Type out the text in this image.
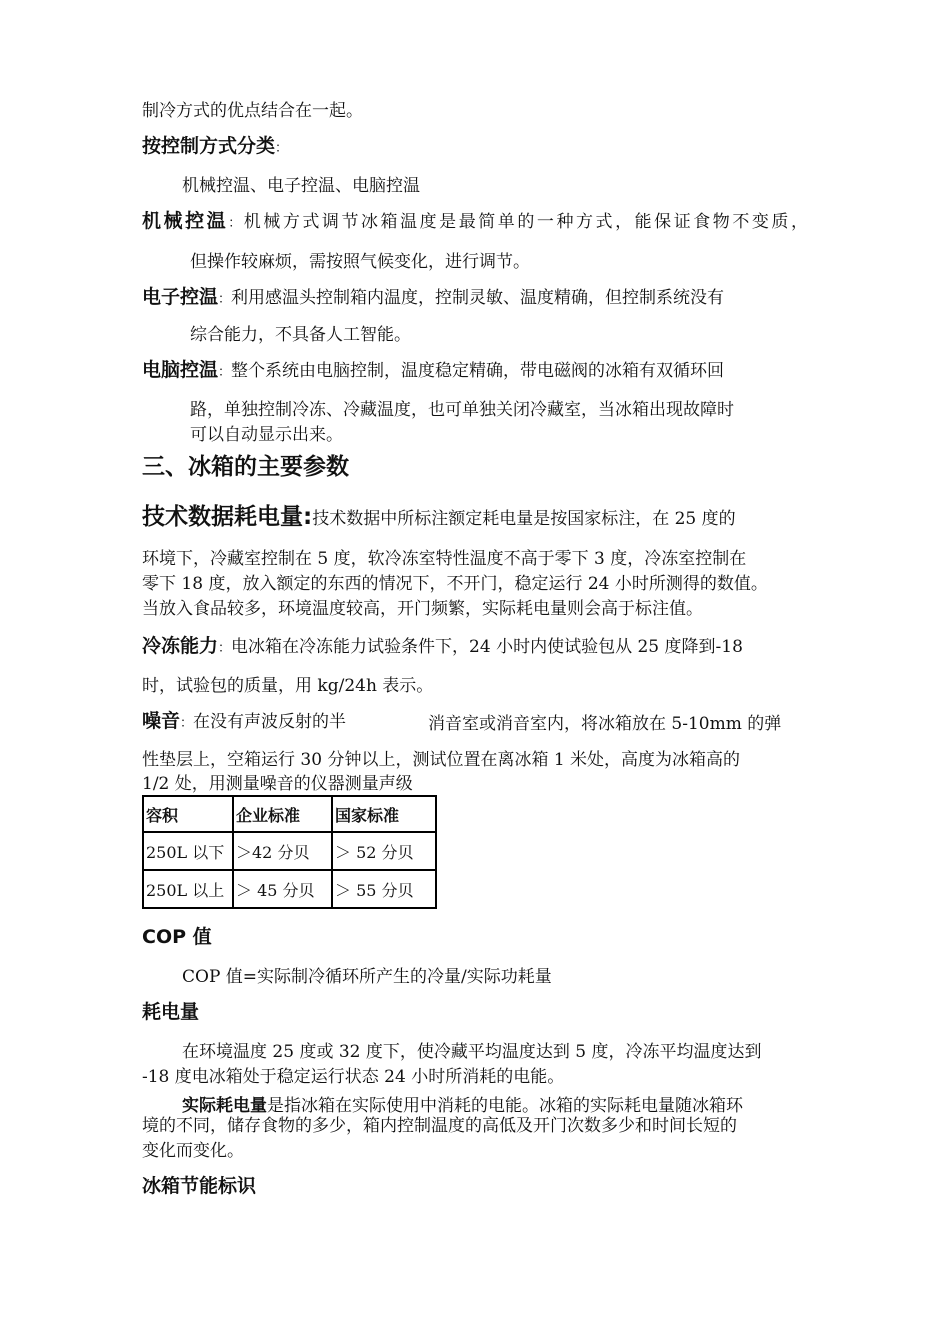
制冷方式的优点结合在一起。
按控制方式分类：
机械控温、电子控温、电脑控温
机械控温：机械方式调节冰箱温度是最简单的一种方式，能保证食物不变质，
但操作较麻烦，需按照气候变化，进行调节。
电子控温：利用感温头控制箱内温度，控制灵敏、温度精确，但控制系统没有
综合能力，不具备人工智能。
电脑控温：整个系统由电脑控制，温度稳定精确，带电磁阀的冰箱有双循环回
路，单独控制冷冻、冷藏温度，也可单独关闭冷藏室，当冰箱出现故障时
可以自动显示出来。
三、冰箱的主要参数
技术数据耗电量:技术数据中所标注额定耗电量是按国家标注，在 25 度的
环境下，冷藏室控制在 5 度，软冷冻室特性温度不高于零下 3 度，冷冻室控制在
零下 18 度，放入额定的东西的情况下，不开门，稳定运行 24 小时所测得的数值。
当放入食品较多，环境温度较高，开门频繁，实际耗电量则会高于标注值。
冷冻能力：电冰箱在冷冻能力试验条件下，24 小时内使试验包从 25 度降到-18
时，试验包的质量，用 kg/24h 表示。
噪音：在没有声波反射的半	消音室或消音室内，将冰箱放在 5-10mm 的弹
性垫层上，空箱运行 30 分钟以上，测试位置在离冰箱 1 米处，高度为冰箱高的
1/2 处，用测量噪音的仪器测量声级
容积	企业标准	国家标准
250L 以下	＞42 分贝	＞ 52 分贝
250L 以上	＞ 45 分贝	＞ 55 分贝
COP 值
COP 值=实际制冷循环所产生的冷量/实际功耗量
耗电量
在环境温度 25 度或 32 度下，使冷藏平均温度达到 5 度，冷冻平均温度达到
-18 度电冰箱处于稳定运行状态 24 小时所消耗的电能。
实际耗电量是指冰箱在实际使用中消耗的电能。冰箱的实际耗电量随冰箱环
境的不同，储存食物的多少，箱内控制温度的高低及开门次数多少和时间长短的
变化而变化。
冰箱节能标识
